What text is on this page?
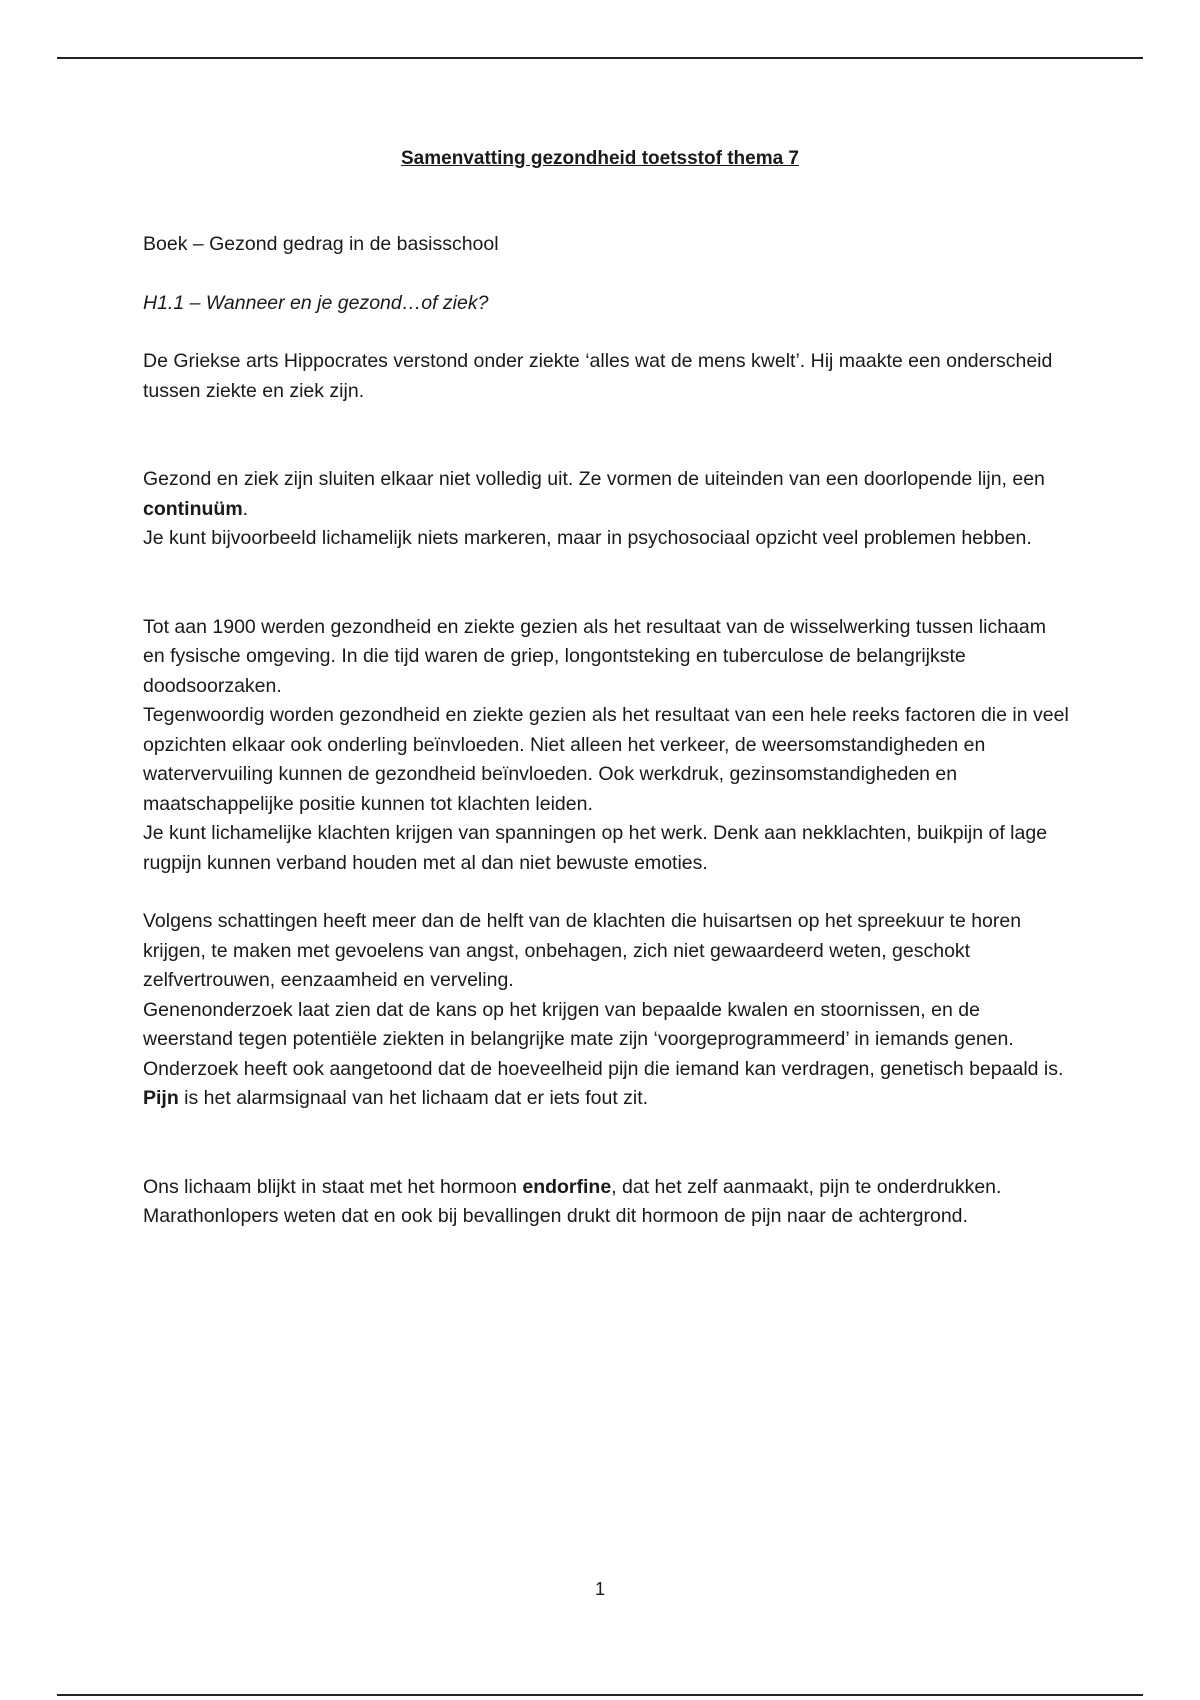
Samenvatting gezondheid toetsstof thema 7

Boek – Gezond gedrag in de basisschool

H1.1 – Wanneer en je gezond…of ziek?

De Griekse arts Hippocrates verstond onder ziekte ‘alles wat de mens kwelt’. Hij maakte een onderscheid tussen ziekte en ziek zijn.

Gezond en ziek zijn sluiten elkaar niet volledig uit. Ze vormen de uiteinden van een doorlopende lijn, een continuüm.

Je kunt bijvoorbeeld lichamelijk niets markeren, maar in psychosociaal opzicht veel problemen hebben.

Tot aan 1900 werden gezondheid en ziekte gezien als het resultaat van de wisselwerking tussen lichaam en fysische omgeving. In die tijd waren de griep, longontsteking en tuberculose de belangrijkste doodsoorzaken.

Tegenwoordig worden gezondheid en ziekte gezien als het resultaat van een hele reeks factoren die in veel opzichten elkaar ook onderling beïnvloeden. Niet alleen het verkeer, de weersomstandigheden en watervervuiling kunnen de gezondheid beïnvloeden. Ook werkdruk, gezinsomstandigheden en maatschappelijke positie kunnen tot klachten leiden.

Je kunt lichamelijke klachten krijgen van spanningen op het werk. Denk aan nekklachten, buikpijn of lage rugpijn kunnen verband houden met al dan niet bewuste emoties.

Volgens schattingen heeft meer dan de helft van de klachten die huisartsen op het spreekuur te horen krijgen, te maken met gevoelens van angst, onbehagen, zich niet gewaardeerd weten, geschokt zelfvertrouwen, eenzaamheid en verveling.

Genenonderzoek laat zien dat de kans op het krijgen van bepaalde kwalen en stoornissen, en de weerstand tegen potentiële ziekten in belangrijke mate zijn ‘voorgeprogrammeerd’ in iemands genen. Onderzoek heeft ook aangetoond dat de hoeveelheid pijn die iemand kan verdragen, genetisch bepaald is.

Pijn is het alarmsignaal van het lichaam dat er iets fout zit.

Ons lichaam blijkt in staat met het hormoon endorfine, dat het zelf aanmaakt, pijn te onderdrukken. Marathonlopers weten dat en ook bij bevallingen drukt dit hormoon de pijn naar de achtergrond.

1
